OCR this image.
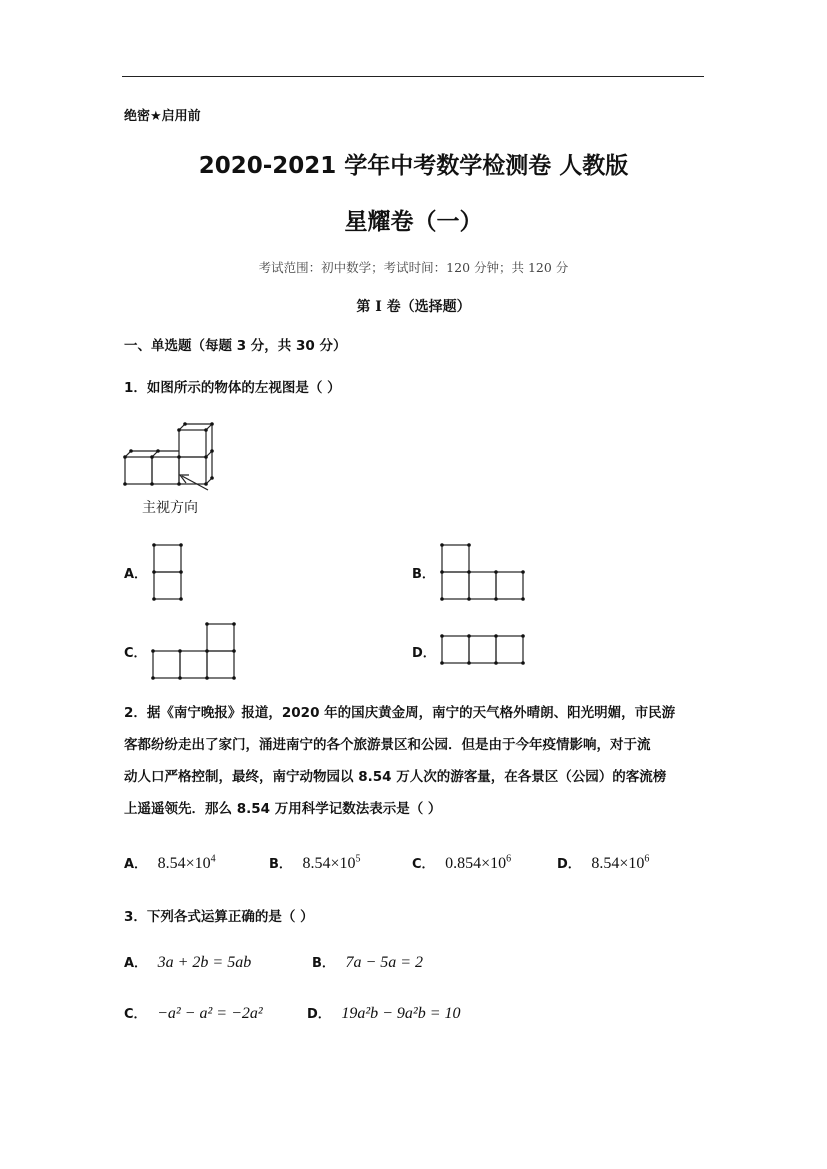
绝密★启用前
2020-2021 学年中考数学检测卷 人教版
星耀卷（一）
考试范围：初中数学；考试时间：120 分钟；共 120 分
第 I 卷（选择题）
一、单选题（每题 3 分，共 30 分）
1．如图所示的物体的左视图是（ ）
主视方向
A．	B．
C．	D．

2．据《南宁晚报》报道，2020 年的国庆黄金周，南宁的天气格外晴朗、阳光明媚，市民游

客都纷纷走出了家门，涌进南宁的各个旅游景区和公园．但是由于今年疫情影响，对于流

动人口严格控制，最终，南宁动物园以 8.54 万人次的游客量，在各景区（公园）的客流榜

上遥遥领先．那么 8.54 万用科学记数法表示是（ ）

A． $8.54\times 10^4$	B． $8.54\times 10^5$	C． $0.854\times 10^6$	D． $8.54\times 10^6$
3．下列各式运算正确的是（ ）
A． 3a + 2b = 5ab	B． 7a − 5a = 2
C． −a² − a² = −2a²	D． 19a²b − 9a²b = 10
